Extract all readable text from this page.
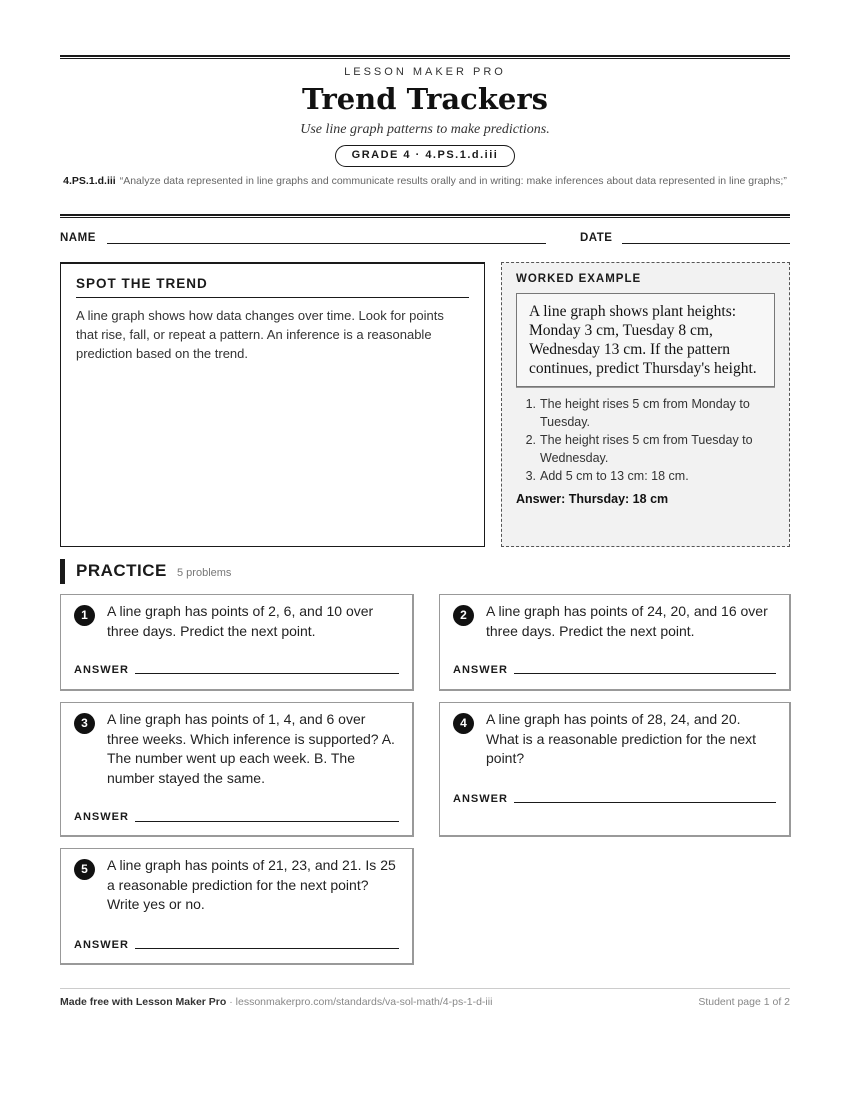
LESSON MAKER PRO
Trend Trackers
Use line graph patterns to make predictions.
GRADE 4 · 4.PS.1.d.iii
4.PS.1.d.iii “Analyze data represented in line graphs and communicate results orally and in writing: make inferences about data represented in line graphs;”
NAME	DATE
SPOT THE TREND
A line graph shows how data changes over time. Look for points that rise, fall, or repeat a pattern. An inference is a reasonable prediction based on the trend.
WORKED EXAMPLE
A line graph shows plant heights: Monday 3 cm, Tuesday 8 cm, Wednesday 13 cm. If the pattern continues, predict Thursday's height.
1. The height rises 5 cm from Monday to Tuesday.
2. The height rises 5 cm from Tuesday to Wednesday.
3. Add 5 cm to 13 cm: 18 cm.
Answer: Thursday: 18 cm
PRACTICE 5 problems
1	A line graph has points of 2, 6, and 10 over three days. Predict the next point.
ANSWER
2	A line graph has points of 24, 20, and 16 over three days. Predict the next point.
ANSWER
3	A line graph has points of 1, 4, and 6 over three weeks. Which inference is supported? A. The number went up each week. B. The number stayed the same.
ANSWER
4	A line graph has points of 28, 24, and 20. What is a reasonable prediction for the next point?
ANSWER
5	A line graph has points of 21, 23, and 21. Is 25 a reasonable prediction for the next point? Write yes or no.
ANSWER
Made free with Lesson Maker Pro · lessonmakerpro.com/standards/va-sol-math/4-ps-1-d-iii	Student page 1 of 2
